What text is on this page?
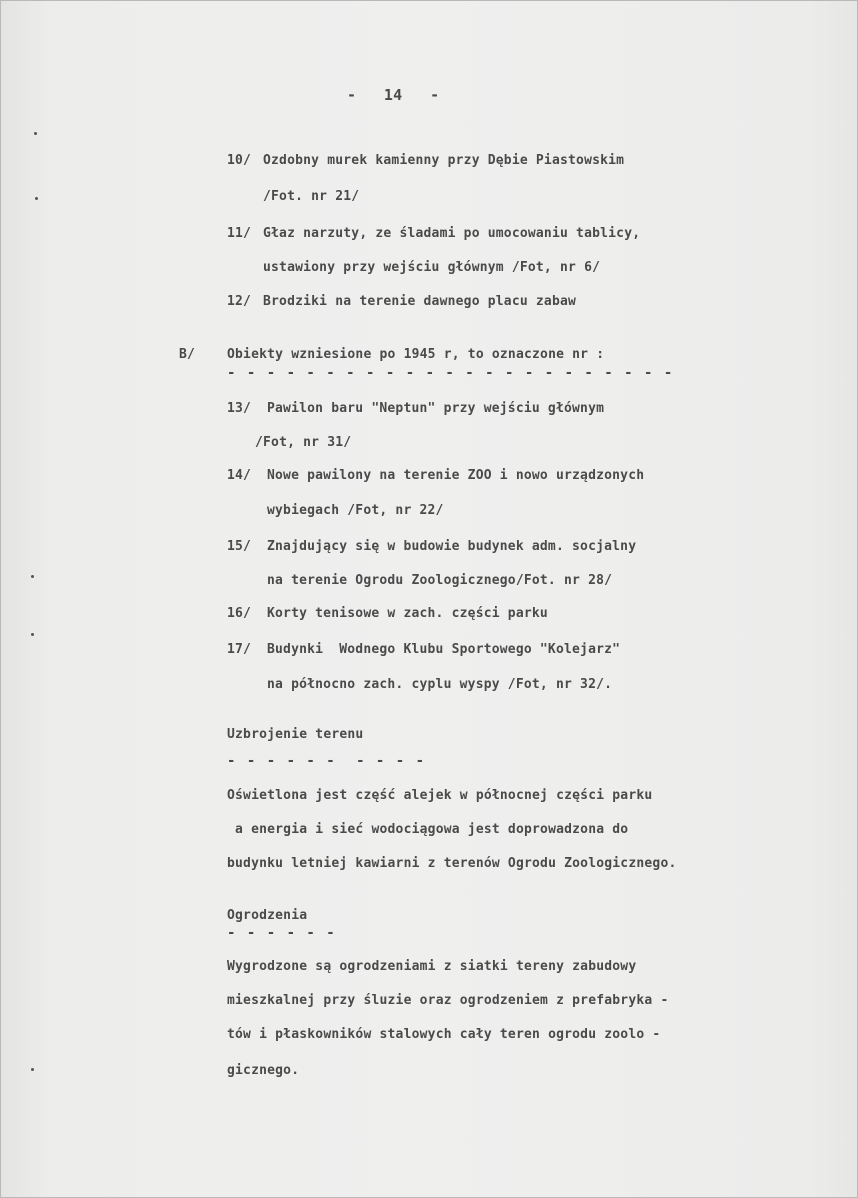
-   14   -
10/ Ozdobny murek kamienny przy Dębie Piastowskim
/Fot. nr 21/
11/ Głaz narzuty, ze śladami po umocowaniu tablicy,
ustawiony przy wejściu głównym /Fot, nr 6/
12/ Brodziki na terenie dawnego placu zabaw
B/ Obiekty wzniesione po 1945 r, to oznaczone nr :
- - - - - - - - - - - - - - - - - - - - - - -
13/ Pawilon baru "Neptun" przy wejściu głównym
/Fot, nr 31/
14/ Nowe pawilony na terenie ZOO i nowo urządzonych
wybiegach /Fot, nr 22/
15/ Znajdujący się w budowie budynek adm. socjalny
na terenie Ogrodu Zoologicznego/Fot. nr 28/
16/ Korty tenisowe w zach. części parku
17/ Budynki  Wodnego Klubu Sportowego "Kolejarz"
na północno zach. cyplu wyspy /Fot, nr 32/.
Uzbrojenie terenu
- - - - - -  - - - -
Oświetlona jest część alejek w północnej części parku
a energia i sieć wodociągowa jest doprowadzona do
budynku letniej kawiarni z terenów Ogrodu Zoologicznego.
Ogrodzenia
- - - - - -
Wygrodzone są ogrodzeniami z siatki tereny zabudowy
mieszkalnej przy śluzie oraz ogrodzeniem z prefabryka -
tów i płaskowników stalowych cały teren ogrodu zoolo -
gicznego.
